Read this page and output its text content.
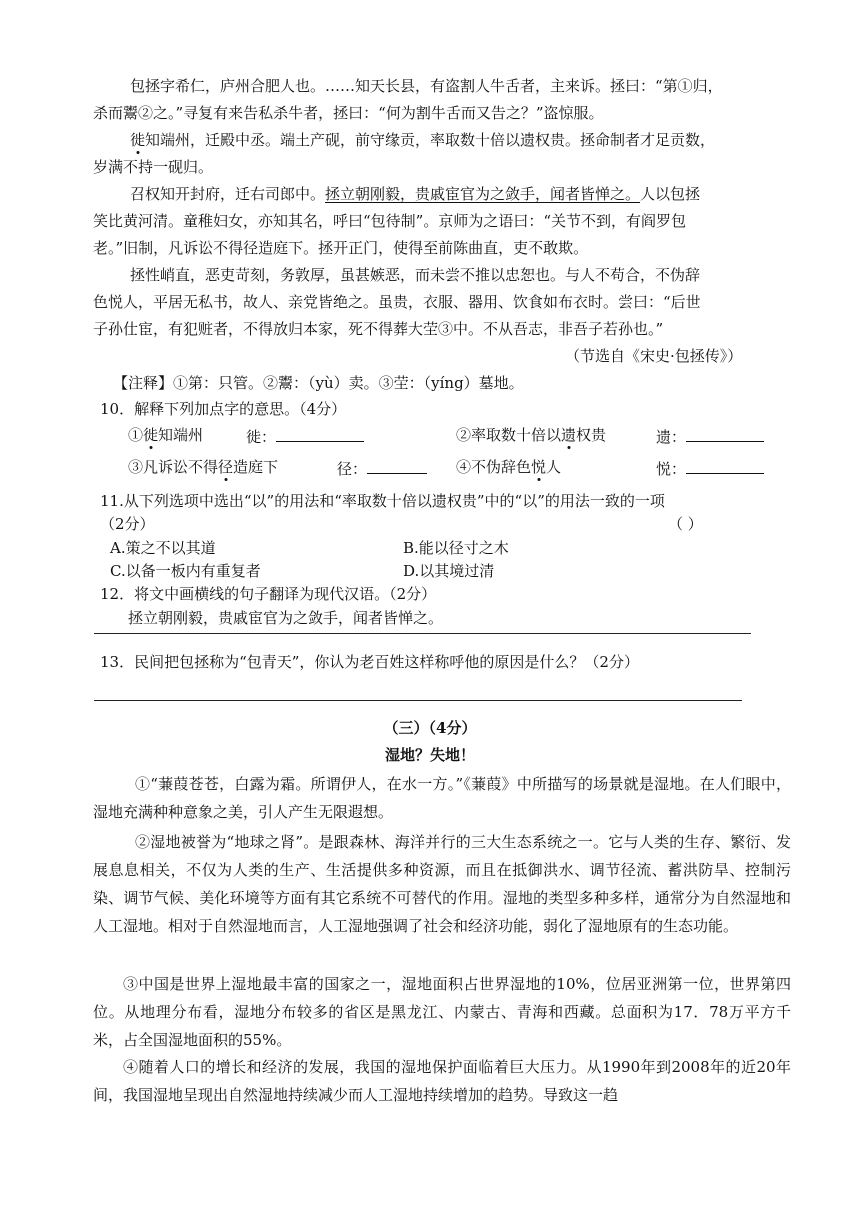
包拯字希仁，庐州合肥人也。……知天长县，有盗割人牛舌者，主来诉。拯曰：“第①归，
杀而鬻②之。”寻复有来告私杀牛者，拯曰：“何为割牛舌而又告之？”盗惊服。
徙知端州，迁殿中丞。端土产砚，前守缘贡，率取数十倍以遗权贵。拯命制者才足贡数，
岁满不持一砚归。
召权知开封府，迁右司郎中。拯立朝刚毅，贵戚宦官为之敛手，闻者皆惮之。人以包拯
笑比黄河清。童稚妇女，亦知其名，呼曰“包待制”。京师为之语曰：“关节不到，有阎罗包
老。”旧制，凡诉讼不得径造庭下。拯开正门，使得至前陈曲直，吏不敢欺。
拯性峭直，恶吏苛刻，务敦厚，虽甚嫉恶，而未尝不推以忠恕也。与人不苟合，不伪辞
色悦人，平居无私书，故人、亲党皆绝之。虽贵，衣服、器用、饮食如布衣时。尝曰：“后世
子孙仕宦，有犯赃者，不得放归本家，死不得葬大茔③中。不从吾志，非吾子若孙也。”
（节选自《宋史·包拯传》）
【注释】①第：只管。②鬻：（yù）卖。③茔：（yíng）墓地。
10．解释下列加点字的意思。（4分）
①徙知端州	徙：	②率取数十倍以遗权贵	遗：
③凡诉讼不得径造庭下	径：	④不伪辞色悦人	悦：
11.从下列选项中选出“以”的用法和“率取数十倍以遗权贵”中的“以”的用法一致的一项
（2分）	（ ）
A.策之不以其道	B.能以径寸之木
C.以备一板内有重复者	D.以其境过清
12．将文中画横线的句子翻译为现代汉语。（2分）
拯立朝刚毅，贵戚宦官为之敛手，闻者皆惮之。
13．民间把包拯称为“包青天”，你认为老百姓这样称呼他的原因是什么？（2分）
（三）（4分）
湿地？失地！
①“蒹葭苍苍，白露为霜。所谓伊人，在水一方。”《蒹葭》中所描写的场景就是湿地。在人们眼中，湿地充满种种意象之美，引人产生无限遐想。
②湿地被誉为“地球之肾”。是跟森林、海洋并行的三大生态系统之一。它与人类的生存、繁衍、发展息息相关，不仅为人类的生产、生活提供多种资源，而且在抵御洪水、调节径流、蓄洪防旱、控制污染、调节气候、美化环境等方面有其它系统不可替代的作用。湿地的类型多种多样，通常分为自然湿地和人工湿地。相对于自然湿地而言，人工湿地强调了社会和经济功能，弱化了湿地原有的生态功能。
③中国是世界上湿地最丰富的国家之一，湿地面积占世界湿地的10%，位居亚洲第一位，世界第四位。从地理分布看，湿地分布较多的省区是黑龙江、内蒙古、青海和西藏。总面积为17．78万平方千米，占全国湿地面积的55%。
④随着人口的增长和经济的发展，我国的湿地保护面临着巨大压力。从1990年到2008年的近20年间，我国湿地呈现出自然湿地持续减少而人工湿地持续增加的趋势。导致这一趋
